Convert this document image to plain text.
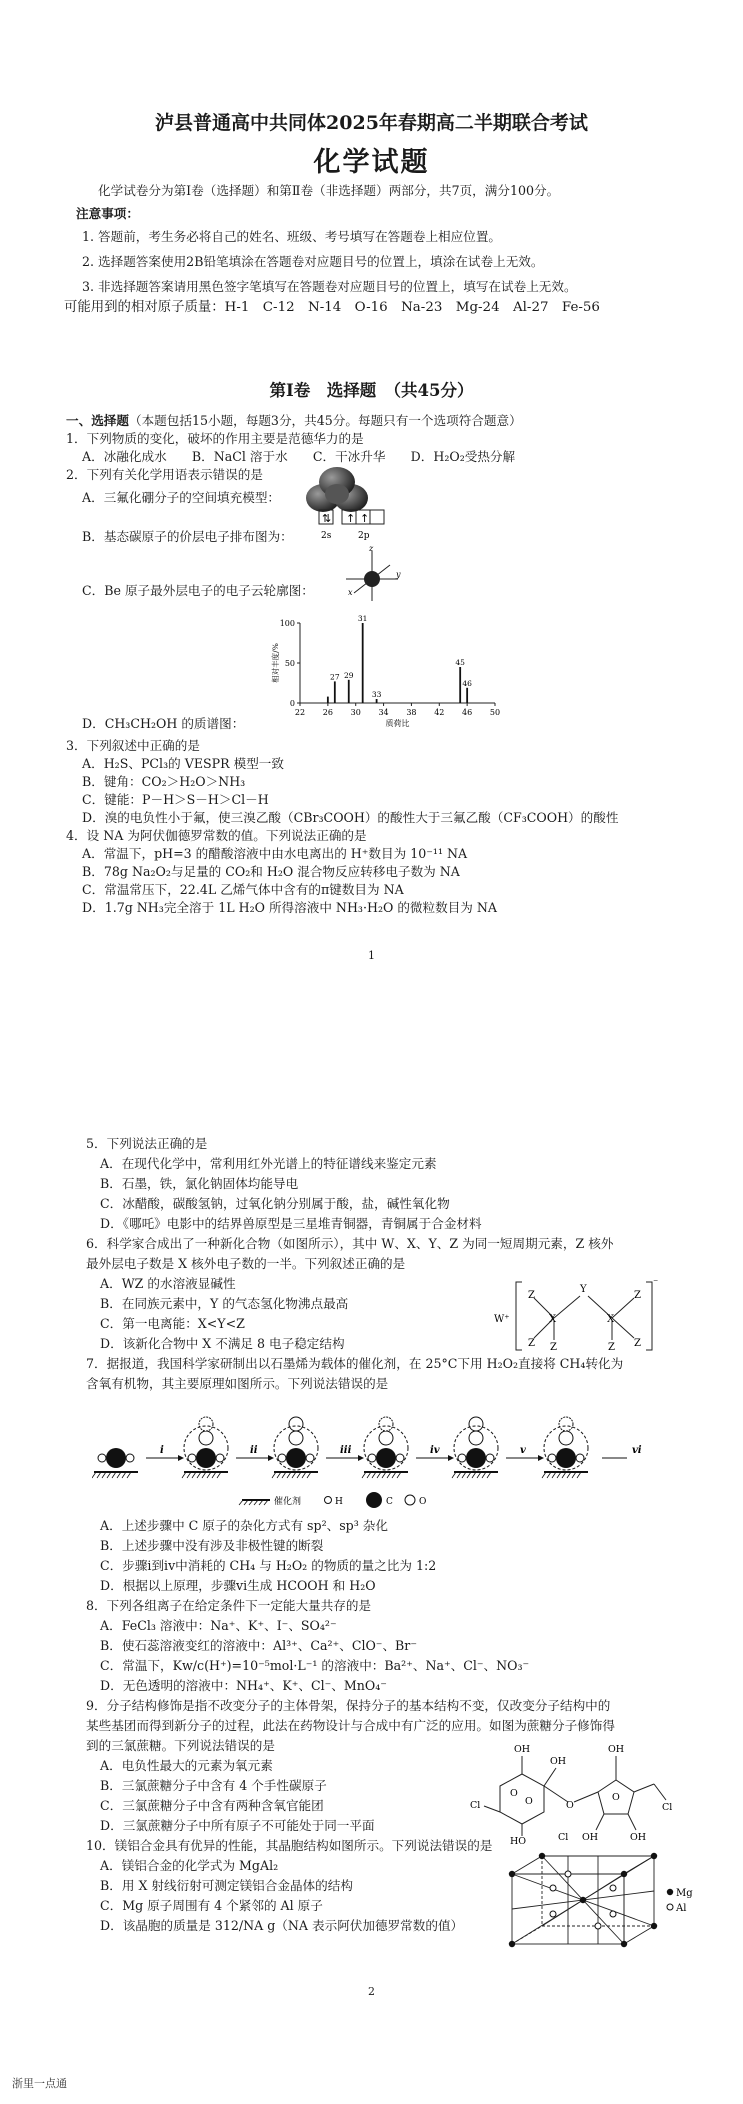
泸县普通高中共同体2025年春期高二半期联合考试
化学试题
化学试卷分为第Ⅰ卷（选择题）和第Ⅱ卷（非选择题）两部分，共7页，满分100分。
注意事项：
1. 答题前，考生务必将自己的姓名、班级、考号填写在答题卷上相应位置。
2. 选择题答案使用2B铅笔填涂在答题卷对应题目号的位置上，填涂在试卷上无效。
3. 非选择题答案请用黑色签字笔填写在答题卷对应题目号的位置上，填写在试卷上无效。
可能用到的相对原子质量：H-1　C-12　N-14　O-16　Na-23　Mg-24　Al-27　Fe-56
第Ⅰ卷　选择题　（共45分）
一、选择题（本题包括15小题，每题3分，共45分。每题只有一个选项符合题意）
1．下列物质的变化，破坏的作用主要是范德华力的是
A．冰融化成水　　B．NaCl 溶于水　　C．干冰升华　　D．H₂O₂受热分解
2．下列有关化学用语表示错误的是
A．三氟化硼分子的空间填充模型：
B．基态碳原子的价层电子排布图为：
⇅ ↑ ↑
2s	2p
C．Be 原子最外层电子的电子云轮廓图：
z
y
x
0
50
100
22 26 30 34 38 42 46 50
27 29
31
33
45
46
质荷比
相对丰度/%
D．CH₃CH₂OH 的质谱图：
3．下列叙述中正确的是
A．H₂S、PCl₃的 VESPR 模型一致
B．键角：CO₂＞H₂O＞NH₃
C．键能：P－H＞S－H＞Cl－H
D．溴的电负性小于氟，使三溴乙酸（CBr₃COOH）的酸性大于三氟乙酸（CF₃COOH）的酸性
4．设 NA 为阿伏伽德罗常数的值。下列说法正确的是
A．常温下，pH=3 的醋酸溶液中由水电离出的 H⁺数目为 10⁻¹¹ NA
B．78g Na₂O₂与足量的 CO₂和 H₂O 混合物反应转移电子数为 NA
C．常温常压下，22.4L 乙烯气体中含有的π键数目为 NA
D．1.7g NH₃完全溶于 1L H₂O 所得溶液中 NH₃·H₂O 的微粒数目为 NA
1
5．下列说法正确的是
A．在现代化学中，常利用红外光谱上的特征谱线来鉴定元素
B．石墨，铁，氯化钠固体均能导电
C．冰醋酸，碳酸氢钠，过氧化钠分别属于酸，盐，碱性氧化物
D．《哪吒》电影中的结界兽原型是三星堆青铜器，青铜属于合金材料
6．科学家合成出了一种新化合物（如图所示），其中 W、X、Y、Z 为同一短周期元素，Z 核外
最外层电子数是 X 核外电子数的一半。下列叙述正确的是
A．WZ 的水溶液显碱性
B．在同族元素中，Y 的气态氢化物沸点最高
C．第一电离能：X<Y<Z
D．该新化合物中 X 不满足 8 电子稳定结构
W⁺
Z
Z
X
Y
X
Z
Z
Z	Z
⁻
7．据报道，我国科学家研制出以石墨烯为载体的催化剂，在 25°C下用 H₂O₂直接将 CH₄转化为
含氧有机物，其主要原理如图所示。下列说法错误的是
i	ii	iii	iv	v	vi
催化剂	H	C	O
A．上述步骤中 C 原子的杂化方式有 sp²、sp³ 杂化
B．上述步骤中没有涉及非极性键的断裂
C．步骤i到iv中消耗的 CH₄ 与 H₂O₂ 的物质的量之比为 1:2
D．根据以上原理，步骤vi生成 HCOOH 和 H₂O
8．下列各组离子在给定条件下一定能大量共存的是
A．FeCl₃ 溶液中：Na⁺、K⁺、I⁻、SO₄²⁻
B．使石蕊溶液变红的溶液中：Al³⁺、Ca²⁺、ClO⁻、Br⁻
C．常温下，Kw/c(H⁺)=10⁻⁵mol·L⁻¹ 的溶液中：Ba²⁺、Na⁺、Cl⁻、NO₃⁻
D．无色透明的溶液中：NH₄⁺、K⁺、Cl⁻、MnO₄⁻
9．分子结构修饰是指不改变分子的主体骨架，保持分子的基本结构不变，仅改变分子结构中的
某些基团而得到新分子的过程，此法在药物设计与合成中有广泛的应用。如图为蔗糖分子修饰得
到的三氯蔗糖。下列说法错误的是
A．电负性最大的元素为氧元素
B．三氯蔗糖分子中含有 4 个手性碳原子
C．三氯蔗糖分子中含有两种含氧官能团
D．三氯蔗糖分子中所有原子不可能处于同一平面
OH
OH
OH
O
Cl	O
O
O
Cl
HO	OH	OH
Cl
10．镁铝合金具有优异的性能，其晶胞结构如图所示。下列说法错误的是
A．镁铝合金的化学式为 MgAl₂
B．用 X 射线衍射可测定镁铝合金晶体的结构
C．Mg 原子周围有 4 个紧邻的 Al 原子
D．该晶胞的质量是 312/NA g（NA 表示阿伏加德罗常数的值）
Mg
Al
2
浙里一点通
